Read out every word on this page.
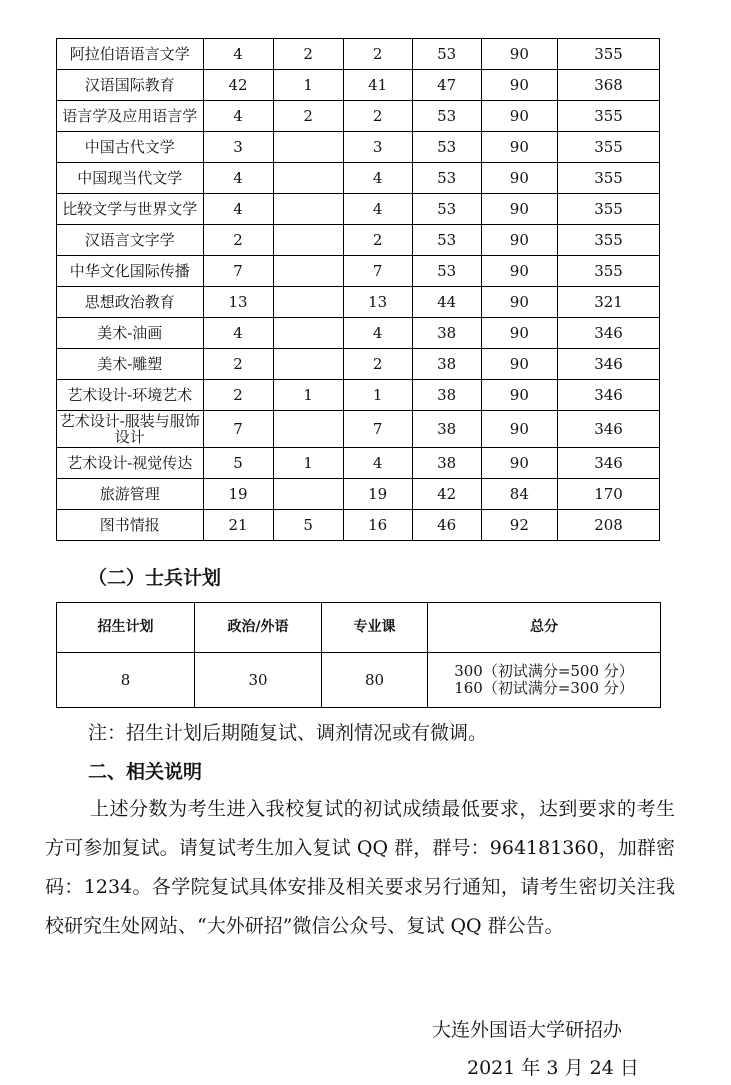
阿拉伯语语言文学	4	2	2	53	90	355
汉语国际教育	42	1	41	47	90	368
语言学及应用语言学	4	2	2	53	90	355
中国古代文学	3		3	53	90	355
中国现当代文学	4		4	53	90	355
比较文学与世界文学	4		4	53	90	355
汉语言文字学	2		2	53	90	355
中华文化国际传播	7		7	53	90	355
思想政治教育	13		13	44	90	321
美术-油画	4		4	38	90	346
美术-雕塑	2		2	38	90	346
艺术设计-环境艺术	2	1	1	38	90	346
艺术设计-服装与服饰设计	7		7	38	90	346
艺术设计-视觉传达	5	1	4	38	90	346
旅游管理	19		19	42	84	170
图书情报	21	5	16	46	92	208
（二）士兵计划
招生计划	政治/外语	专业课	总分
8	30	80	300（初试满分=500 分）
160（初试满分=300 分）
注：招生计划后期随复试、调剂情况或有微调。
二、相关说明
上述分数为考生进入我校复试的初试成绩最低要求，达到要求的考生方可参加复试。请复试考生加入复试 QQ 群，群号：964181360，加群密码：1234。各学院复试具体安排及相关要求另行通知，请考生密切关注我校研究生处网站、“大外研招”微信公众号、复试 QQ 群公告。
大连外国语大学研招办
2021 年 3 月 24 日
